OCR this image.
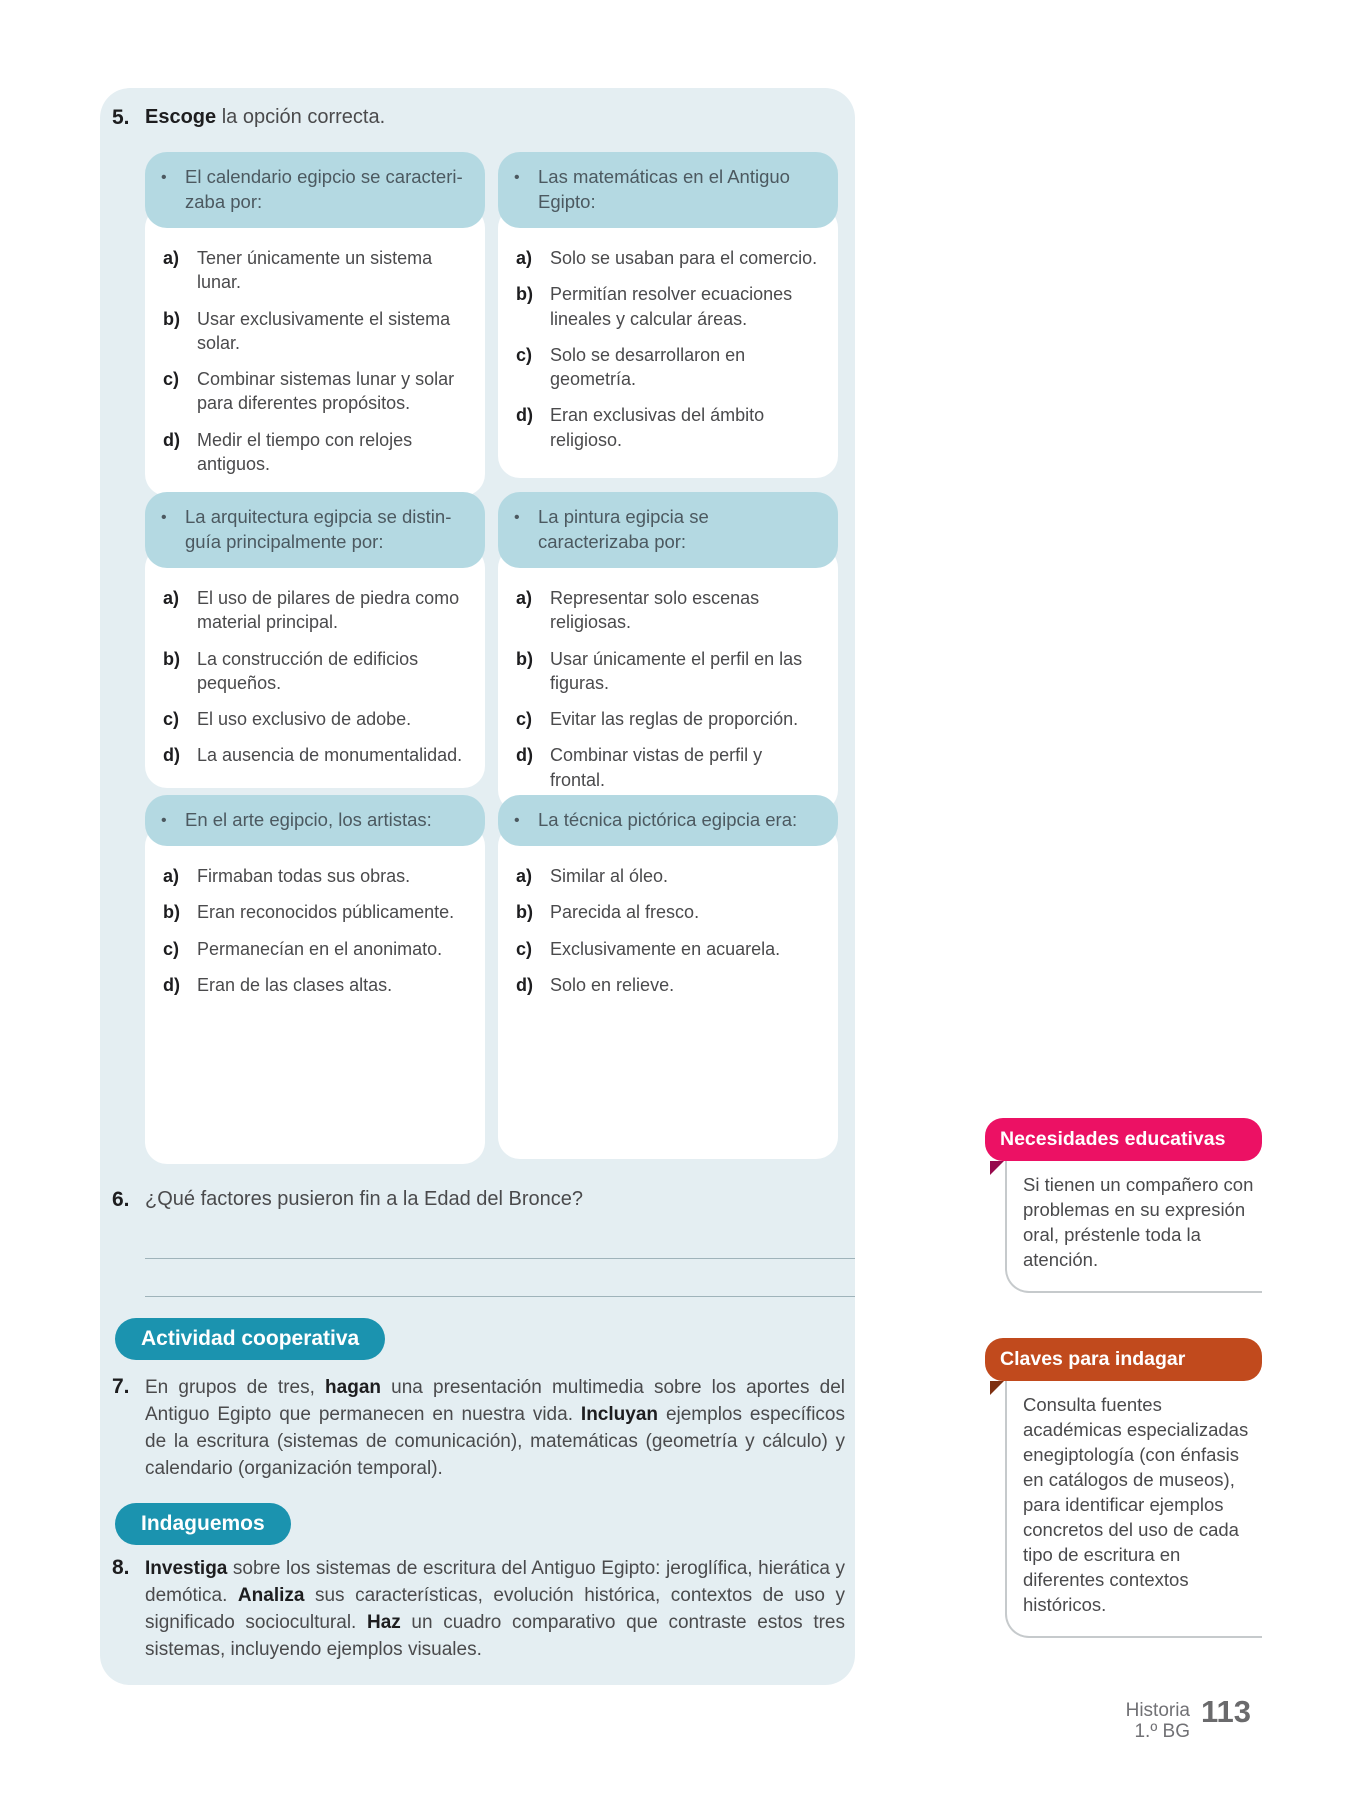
5. Escoge la opción correcta.

• El calendario egipcio se caracterizaba por:
a) Tener únicamente un sistema lunar.
b) Usar exclusivamente el sistema solar.
c) Combinar sistemas lunar y solar para diferentes propósitos.
d) Medir el tiempo con relojes antiguos.
• Las matemáticas en el Antiguo Egipto:
a) Solo se usaban para el comercio.
b) Permitían resolver ecuaciones lineales y calcular áreas.
c) Solo se desarrollaron en geometría.
d) Eran exclusivas del ámbito religioso.
• La arquitectura egipcia se distinguía principalmente por:
a) El uso de pilares de piedra como material principal.
b) La construcción de edificios pequeños.
c) El uso exclusivo de adobe.
d) La ausencia de monumentalidad.
• La pintura egipcia se caracterizaba por:
a) Representar solo escenas religiosas.
b) Usar únicamente el perfil en las figuras.
c) Evitar las reglas de proporción.
d) Combinar vistas de perfil y frontal.
• En el arte egipcio, los artistas:
a) Firmaban todas sus obras.
b) Eran reconocidos públicamente.
c) Permanecían en el anonimato.
d) Eran de las clases altas.
• La técnica pictórica egipcia era:
a) Similar al óleo.
b) Parecida al fresco.
c) Exclusivamente en acuarela.
d) Solo en relieve.
6. ¿Qué factores pusieron fin a la Edad del Bronce?

Actividad cooperativa
7. En grupos de tres, hagan una presentación multimedia sobre los aportes del Antiguo Egipto que permanecen en nuestra vida. Incluyan ejemplos específicos de la escritura (sistemas de comunicación), matemáticas (geometría y cálculo) y calendario (organización temporal).

Indaguemos
8. Investiga sobre los sistemas de escritura del Antiguo Egipto: jeroglífica, hierática y demótica. Analiza sus características, evolución histórica, contextos de uso y significado sociocultural. Haz un cuadro comparativo que contraste estos tres sistemas, incluyendo ejemplos visuales.

Necesidades educativas

Si tienen un compañero con problemas en su expresión oral, préstenle toda la atención.

Claves para indagar

Consulta fuentes académicas especializadas enegiptología (con énfasis en catálogos de museos), para identificar ejemplos concretos del uso de cada tipo de escritura en diferentes contextos históricos.

Historia
1.º BG
113
